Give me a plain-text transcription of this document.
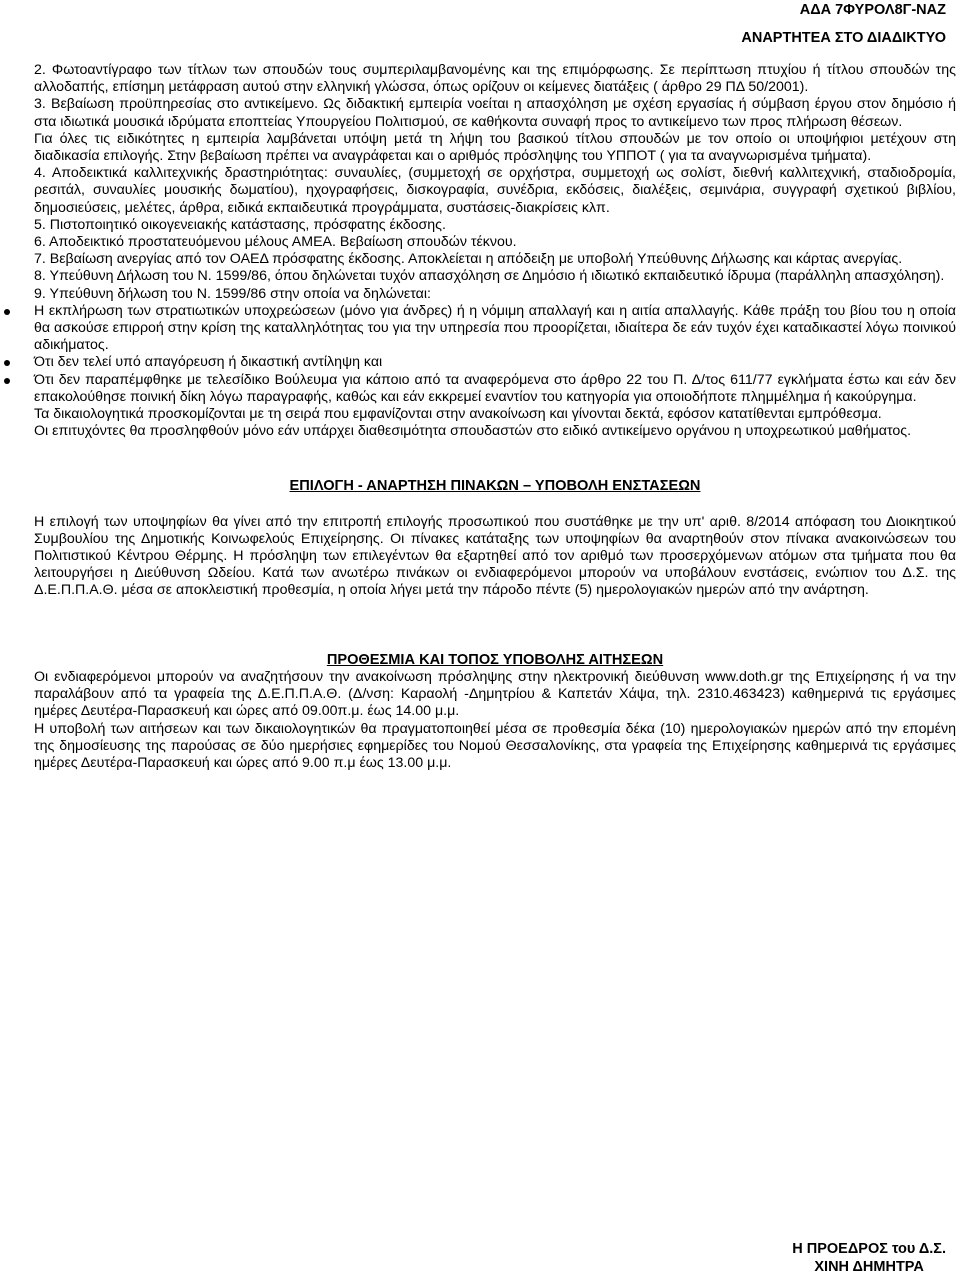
ΑΔΑ 7ΦΥΡΟΛ8Γ-ΝΑΖ
ΑΝΑΡΤΗΤΕΑ ΣΤΟ ΔΙΑΔΙΚΤΥΟ

2. Φωτοαντίγραφο των τίτλων των σπουδών τους συμπεριλαμβανομένης και της επιμόρφωσης. Σε περίπτωση πτυχίου ή τίτλου σπουδών της αλλοδαπής, επίσημη μετάφραση αυτού στην ελληνική γλώσσα, όπως ορίζουν οι κείμενες διατάξεις ( άρθρο 29 ΠΔ 50/2001).

3. Βεβαίωση προϋπηρεσίας στο αντικείμενο. Ως διδακτική εμπειρία νοείται η απασχόληση με σχέση εργασίας ή σύμβαση έργου στον δημόσιο ή στα ιδιωτικά μουσικά ιδρύματα εποπτείας Υπουργείου Πολιτισμού, σε καθήκοντα συναφή προς το αντικείμενο των προς πλήρωση θέσεων.

Για όλες τις ειδικότητες η εμπειρία λαμβάνεται υπόψη μετά τη λήψη του βασικού τίτλου σπουδών με τον οποίο οι υποψήφιοι μετέχουν στη διαδικασία επιλογής. Στην βεβαίωση πρέπει να αναγράφεται και ο αριθμός πρόσληψης του ΥΠΠΟΤ ( για τα αναγνωρισμένα τμήματα).

4. Αποδεικτικά καλλιτεχνικής δραστηριότητας: συναυλίες, (συμμετοχή σε ορχήστρα, συμμετοχή ως σολίστ, διεθνή καλλιτεχνική, σταδιοδρομία, ρεσιτάλ, συναυλίες μουσικής δωματίου), ηχογραφήσεις, δισκογραφία, συνέδρια, εκδόσεις, διαλέξεις, σεμινάρια, συγγραφή σχετικού βιβλίου, δημοσιεύσεις, μελέτες, άρθρα, ειδικά εκπαιδευτικά προγράμματα, συστάσεις-διακρίσεις κλπ.

5. Πιστοποιητικό οικογενειακής κατάστασης, πρόσφατης έκδοσης.

6. Αποδεικτικό προστατευόμενου μέλους ΑΜΕΑ. Βεβαίωση σπουδών τέκνου.

7. Βεβαίωση ανεργίας από τον ΟΑΕΔ πρόσφατης έκδοσης. Αποκλείεται η απόδειξη με υποβολή Υπεύθυνης Δήλωσης και κάρτας ανεργίας.

8. Υπεύθυνη Δήλωση του Ν. 1599/86, όπου δηλώνεται τυχόν απασχόληση σε Δημόσιο ή ιδιωτικό εκπαιδευτικό ίδρυμα (παράλληλη απασχόληση).

9. Υπεύθυνη δήλωση του Ν. 1599/86 στην οποία να δηλώνεται:

Η εκπλήρωση των στρατιωτικών υποχρεώσεων (μόνο για άνδρες) ή η νόμιμη απαλλαγή και η αιτία απαλλαγής. Κάθε πράξη του βίου του η οποία θα ασκούσε επιρροή στην κρίση της καταλληλότητας του για την υπηρεσία που προορίζεται, ιδιαίτερα δε εάν τυχόν έχει καταδικαστεί λόγω ποινικού αδικήματος.
Ότι δεν τελεί υπό απαγόρευση ή δικαστική αντίληψη και
Ότι δεν παραπέμφθηκε με τελεσίδικο Βούλευμα για κάποιο από τα αναφερόμενα στο άρθρο 22 του Π. Δ/τος 611/77 εγκλήματα έστω και εάν δεν επακολούθησε ποινική δίκη λόγω παραγραφής, καθώς και εάν εκκρεμεί εναντίον του κατηγορία για οποιοδήποτε πλημμέλημα ή κακούργημα.

Τα δικαιολογητικά προσκομίζονται με τη σειρά που εμφανίζονται στην ανακοίνωση και γίνονται δεκτά, εφόσον κατατίθενται εμπρόθεσμα.

Οι επιτυχόντες θα προσληφθούν μόνο εάν υπάρχει διαθεσιμότητα σπουδαστών στο ειδικό αντικείμενο οργάνου η υποχρεωτικού μαθήματος.

ΕΠΙΛΟΓΗ - ΑΝΑΡΤΗΣΗ ΠΙΝΑΚΩΝ – ΥΠΟΒΟΛΗ ΕΝΣΤΑΣΕΩΝ

Η επιλογή των υποψηφίων θα γίνει από την επιτροπή επιλογής προσωπικού που συστάθηκε με την υπ' αριθ. 8/2014 απόφαση του Διοικητικού Συμβουλίου της Δημοτικής Κοινωφελούς Επιχείρησης. Οι πίνακες κατάταξης των υποψηφίων θα αναρτηθούν στον πίνακα ανακοινώσεων του Πολιτιστικού Κέντρου Θέρμης. Η πρόσληψη των επιλεγέντων θα εξαρτηθεί από τον αριθμό των προσερχόμενων ατόμων στα τμήματα που θα λειτουργήσει η Διεύθυνση Ωδείου. Κατά των ανωτέρω πινάκων οι ενδιαφερόμενοι μπορούν να υποβάλουν ενστάσεις, ενώπιον του Δ.Σ. της Δ.Ε.Π.Π.Α.Θ. μέσα σε αποκλειστική προθεσμία, η οποία λήγει μετά την πάροδο πέντε (5) ημερολογιακών ημερών από την ανάρτηση.

ΠΡΟΘΕΣΜΙΑ ΚΑΙ ΤΟΠΟΣ ΥΠΟΒΟΛΗΣ ΑΙΤΗΣΕΩΝ

Οι ενδιαφερόμενοι μπορούν να αναζητήσουν την ανακοίνωση πρόσληψης στην ηλεκτρονική διεύθυνση www.doth.gr της Επιχείρησης ή να την παραλάβουν από τα γραφεία της Δ.Ε.Π.Π.Α.Θ. (Δ/νση: Καραολή -Δημητρίου & Καπετάν Χάψα, τηλ. 2310.463423) καθημερινά τις εργάσιμες ημέρες Δευτέρα-Παρασκευή και ώρες από 09.00π.μ. έως 14.00 μ.μ.

Η υποβολή των αιτήσεων και των δικαιολογητικών θα πραγματοποιηθεί μέσα σε προθεσμία δέκα (10) ημερολογιακών ημερών από την επομένη της δημοσίευσης της παρούσας σε δύο ημερήσιες εφημερίδες του Νομού Θεσσαλονίκης, στα γραφεία της Επιχείρησης καθημερινά τις εργάσιμες ημέρες Δευτέρα-Παρασκευή και ώρες από 9.00 π.μ έως 13.00 μ.μ.

Η ΠΡΟΕΔΡΟΣ του Δ.Σ.
ΧΙΝΗ ΔΗΜΗΤΡΑ
